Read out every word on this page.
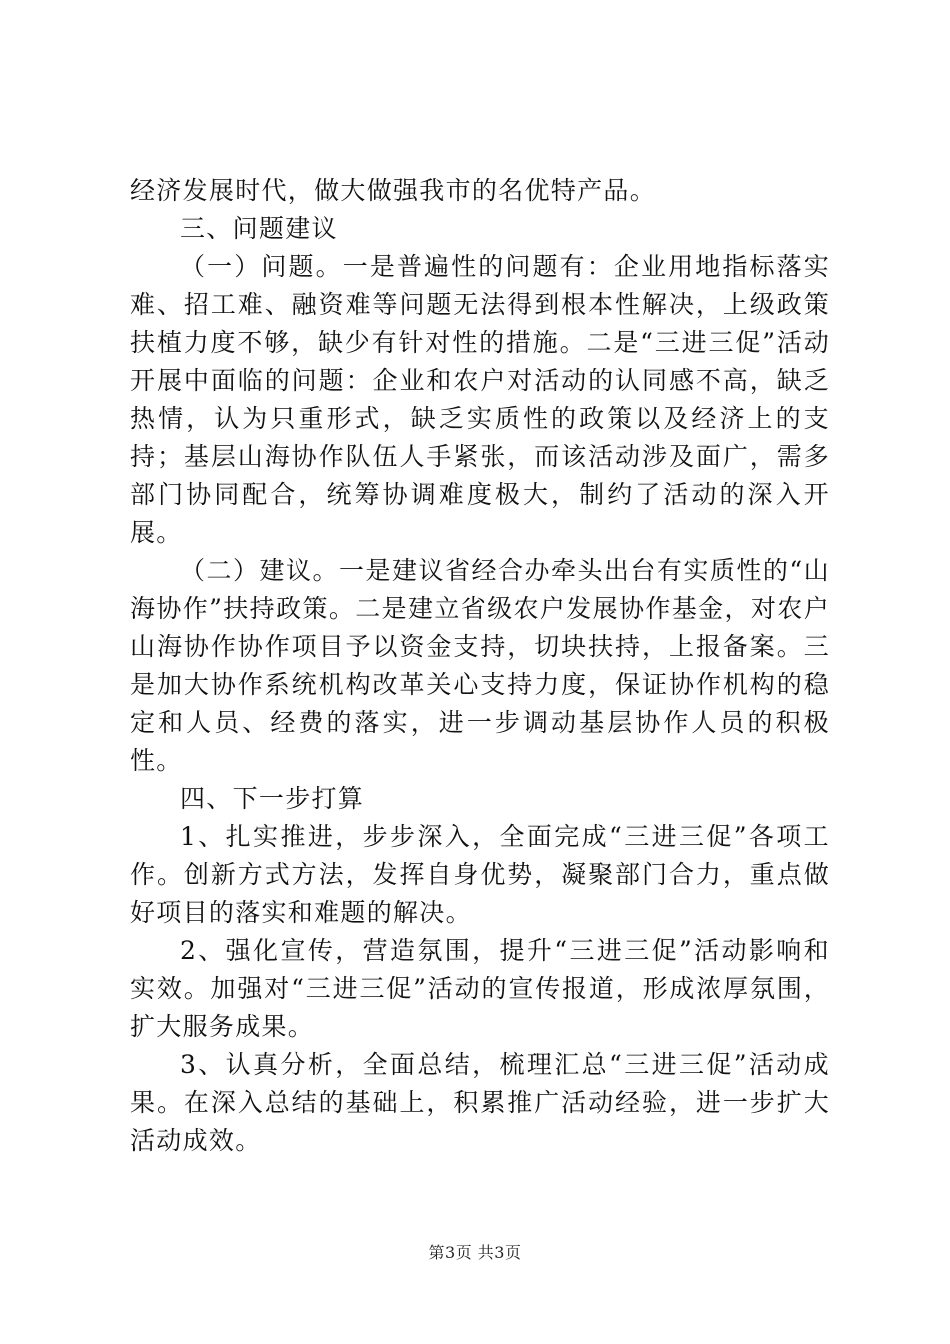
经济发展时代，做大做强我市的名优特产品。

三、问题建议

（一）问题。一是普遍性的问题有：企业用地指标落实难、招工难、融资难等问题无法得到根本性解决，上级政策扶植力度不够，缺少有针对性的措施。二是“三进三促”活动开展中面临的问题：企业和农户对活动的认同感不高，缺乏热情，认为只重形式，缺乏实质性的政策以及经济上的支持；基层山海协作队伍人手紧张，而该活动涉及面广，需多部门协同配合，统筹协调难度极大，制约了活动的深入开展。

（二）建议。一是建议省经合办牵头出台有实质性的“山海协作”扶持政策。二是建立省级农户发展协作基金，对农户山海协作协作项目予以资金支持，切块扶持，上报备案。三是加大协作系统机构改革关心支持力度，保证协作机构的稳定和人员、经费的落实，进一步调动基层协作人员的积极性。

四、下一步打算

1、扎实推进，步步深入，全面完成“三进三促”各项工作。创新方式方法，发挥自身优势，凝聚部门合力，重点做好项目的落实和难题的解决。

2、强化宣传，营造氛围，提升“三进三促”活动影响和实效。加强对“三进三促”活动的宣传报道，形成浓厚氛围，扩大服务成果。

3、认真分析，全面总结，梳理汇总“三进三促”活动成果。在深入总结的基础上，积累推广活动经验，进一步扩大活动成效。

第3页 共3页
